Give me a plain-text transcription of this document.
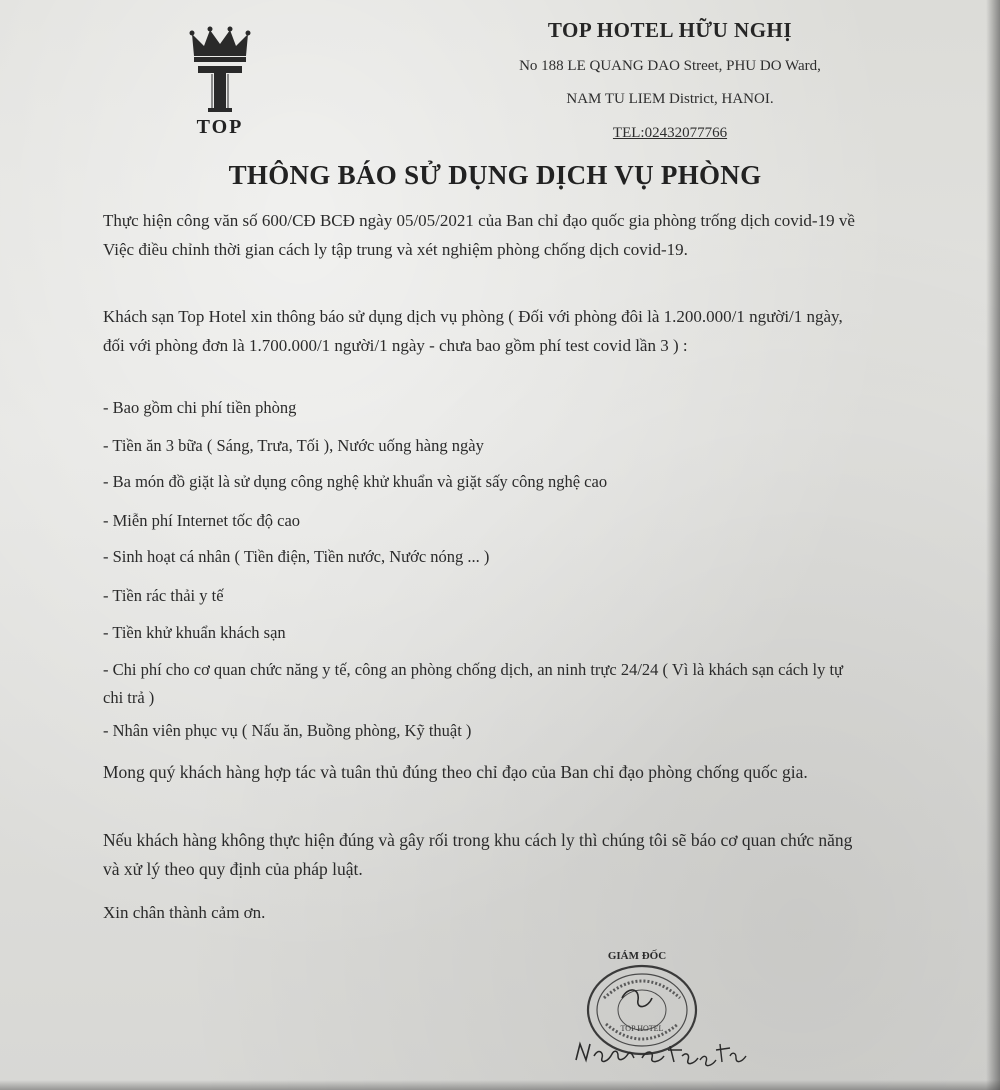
TOP
TOP HOTEL HỮU NGHỊ
No 188 LE QUANG DAO Street, PHU DO Ward,
NAM TU LIEM District, HANOI.
TEL:02432077766
THÔNG BÁO SỬ DỤNG DỊCH VỤ PHÒNG
Thực hiện công văn số 600/CĐ BCĐ ngày 05/05/2021 của Ban chỉ đạo quốc gia phòng trống dịch covid-19 về Việc điều chỉnh thời gian cách ly tập trung và xét nghiệm phòng chống dịch covid-19.
Khách sạn Top Hotel xin thông báo sử dụng dịch vụ phòng ( Đối với phòng đôi là 1.200.000/1 người/1 ngày, đối với phòng đơn là 1.700.000/1 người/1 ngày - chưa bao gồm phí test covid lần 3 ) :
- Bao gồm chi phí tiền phòng
- Tiền ăn 3 bữa ( Sáng, Trưa, Tối ), Nước uống hàng ngày
- Ba món đồ giặt là sử dụng công nghệ khử khuẩn và giặt sấy công nghệ cao
- Miễn phí Internet tốc độ cao
- Sinh hoạt cá nhân ( Tiền điện, Tiền nước, Nước nóng ... )
- Tiền rác thải y tế
- Tiền khử khuẩn khách sạn
- Chi phí cho cơ quan chức năng y tế, công an phòng chống dịch, an ninh trực 24/24 ( Vì là khách sạn cách ly tự chi trả )
- Nhân viên phục vụ ( Nấu ăn, Buồng phòng, Kỹ thuật )
Mong quý khách hàng hợp tác và tuân thủ đúng theo chỉ đạo của Ban chỉ đạo phòng chống quốc gia.
Nếu khách hàng không thực hiện đúng và gây rối trong khu cách ly thì chúng tôi sẽ báo cơ quan chức năng và xử lý theo quy định của pháp luật.
Xin chân thành cảm ơn.
GIÁM ĐỐC
TOP HOTEL
